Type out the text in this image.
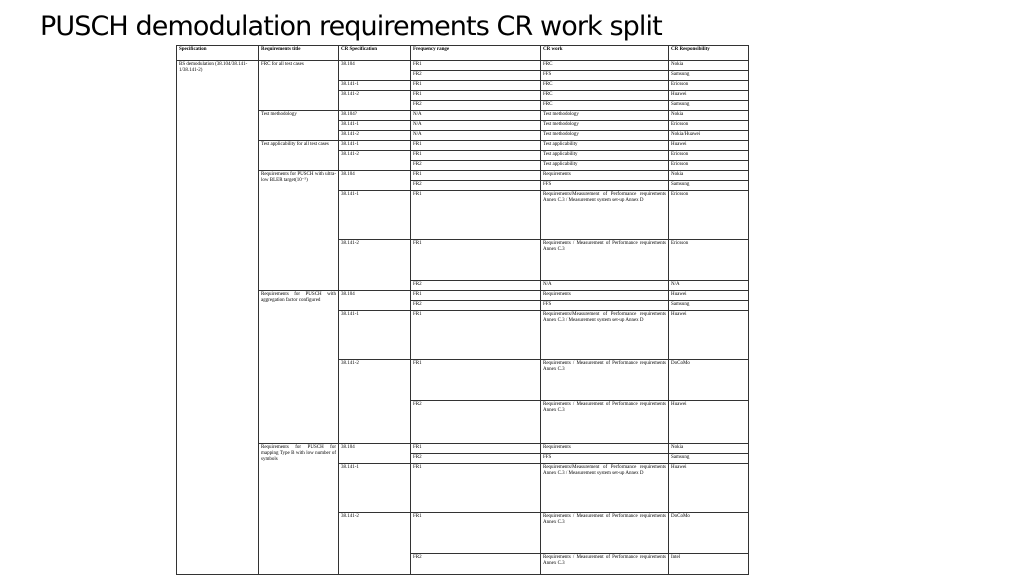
PUSCH demodulation requirements CR work split
Specification	Requirements title	CR Specification	Frequency range	CR work	CR Responsibility
BS demodulation (38.104/38.141-1/38.141-2)	FRC for all test cases	38.104	FR1	FRC	Nokia
			FR2	FFS	Samsung
		38.141-1	FR1	FRC	Ericsson
		38.141-2	FR1	FRC	Huawei
			FR2	FRC	Samsung
	Test methodology	38.104?	N/A	Test methodology	Nokia
		38.141-1	N/A	Test methodology	Ericsson
		38.141-2	N/A	Test methodology	Nokia/Huawei
	Test applicability for all test cases	38.141-1	FR1	Test applicability	Huawei
		38.141-2	FR1	Test applicability	Ericsson
			FR2	Test applicability	Ericsson
	Requirements for PUSCH with ultra-low BLER target(10⁻⁵)	38.104	FR1	Requirements	Nokia
			FR2	FFS	Samsung
		38.141-1	FR1	Requirements/Measurement of Performance requirements Annex C.3 / Measurement system set-up Annex D	Ericsson
		38.141-2	FR1	Requirements / Measurement of Performance requirements Annex C.3	Ericsson
			FR2	N/A	N/A
	Requirements for PUSCH with aggregation factor configured	38.104	FR1	Requirements	Huawei
			FR2	FFS	Samsung
		38.141-1	FR1	Requirements/Measurement of Performance requirements Annex C.3 / Measurement system set-up Annex D	Huawei
		38.141-2	FR1	Requirements / Measurement of Performance requirements Annex C.3	DoCoMo
			FR2	Requirements / Measurement of Performance requirements Annex C.3	Huawei
	Requirements for PUSCH for mapping Type B with low number of symbols	38.104	FR1	Requirements	Nokia
			FR2	FFS	Samsung
		38.141-1	FR1	Requirements/Measurement of Performance requirements Annex C.3 / Measurement system set-up Annex D	Huawei
		38.141-2	FR1	Requirements / Measurement of Performance requirements Annex C.3	DoCoMo
			FR2	Requirements / Measurement of Performance requirements Annex C.3	Intel
